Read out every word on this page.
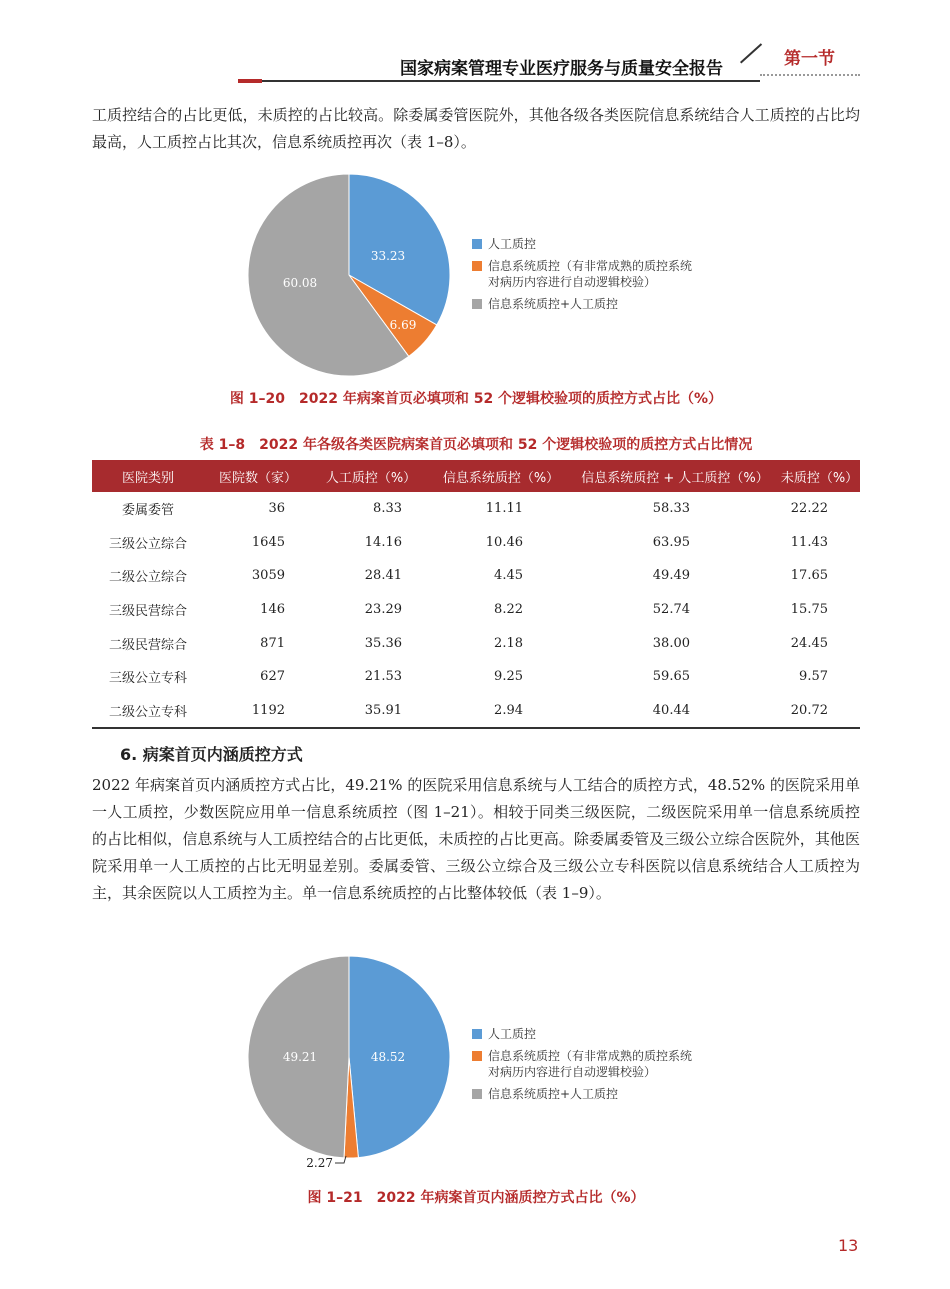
国家病案管理专业医疗服务与质量安全报告	第一节
工质控结合的占比更低，未质控的占比较高。除委属委管医院外，其他各级各类医院信息系统结合人工质控的占比均最高，人工质控占比其次，信息系统质控再次（表 1–8）。
33.23
6.69
60.08
人工质控
信息系统质控（有非常成熟的质控系统
对病历内容进行自动逻辑校验）
信息系统质控+人工质控
图 1–20　2022 年病案首页必填项和 52 个逻辑校验项的质控方式占比（%）
表 1–8　2022 年各级各类医院病案首页必填项和 52 个逻辑校验项的质控方式占比情况
医院类别	医院数（家）	人工质控（%）	信息系统质控（%）	信息系统质控 + 人工质控（%）	未质控（%）
委属委管	36	8.33	11.11	58.33	22.22
三级公立综合	1645	14.16	10.46	63.95	11.43
二级公立综合	3059	28.41	4.45	49.49	17.65
三级民营综合	146	23.29	8.22	52.74	15.75
二级民营综合	871	35.36	2.18	38.00	24.45
三级公立专科	627	21.53	9.25	59.65	9.57
二级公立专科	1192	35.91	2.94	40.44	20.72
6. 病案首页内涵质控方式
2022 年病案首页内涵质控方式占比，49.21% 的医院采用信息系统与人工结合的质控方式，48.52% 的医院采用单一人工质控，少数医院应用单一信息系统质控（图 1–21）。相较于同类三级医院，二级医院采用单一信息系统质控的占比相似，信息系统与人工质控结合的占比更低，未质控的占比更高。除委属委管及三级公立综合医院外，其他医院采用单一人工质控的占比无明显差别。委属委管、三级公立综合及三级公立专科医院以信息系统结合人工质控为主，其余医院以人工质控为主。单一信息系统质控的占比整体较低（表 1–9）。
48.52
49.21
2.27
人工质控
信息系统质控（有非常成熟的质控系统
对病历内容进行自动逻辑校验）
信息系统质控+人工质控
图 1–21　2022 年病案首页内涵质控方式占比（%）
13
